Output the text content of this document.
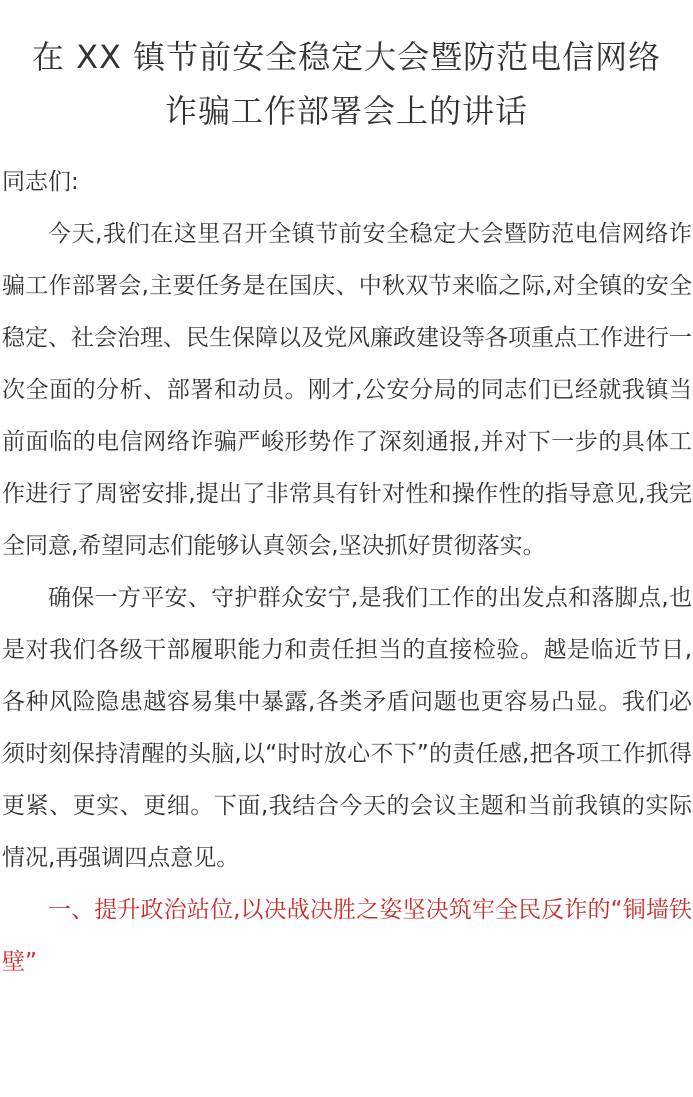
在 XX 镇节前安全稳定大会暨防范电信网络
诈骗工作部署会上的讲话

同志们:

今天,我们在这里召开全镇节前安全稳定大会暨防范电信网络诈骗工作部署会,主要任务是在国庆、中秋双节来临之际,对全镇的安全稳定、社会治理、民生保障以及党风廉政建设等各项重点工作进行一次全面的分析、部署和动员。刚才,公安分局的同志们已经就我镇当前面临的电信网络诈骗严峻形势作了深刻通报,并对下一步的具体工作进行了周密安排,提出了非常具有针对性和操作性的指导意见,我完全同意,希望同志们能够认真领会,坚决抓好贯彻落实。

确保一方平安、守护群众安宁,是我们工作的出发点和落脚点,也是对我们各级干部履职能力和责任担当的直接检验。越是临近节日,各种风险隐患越容易集中暴露,各类矛盾问题也更容易凸显。我们必须时刻保持清醒的头脑,以“时时放心不下”的责任感,把各项工作抓得更紧、更实、更细。下面,我结合今天的会议主题和当前我镇的实际情况,再强调四点意见。

一、提升政治站位,以决战决胜之姿坚决筑牢全民反诈的“铜墙铁壁”
